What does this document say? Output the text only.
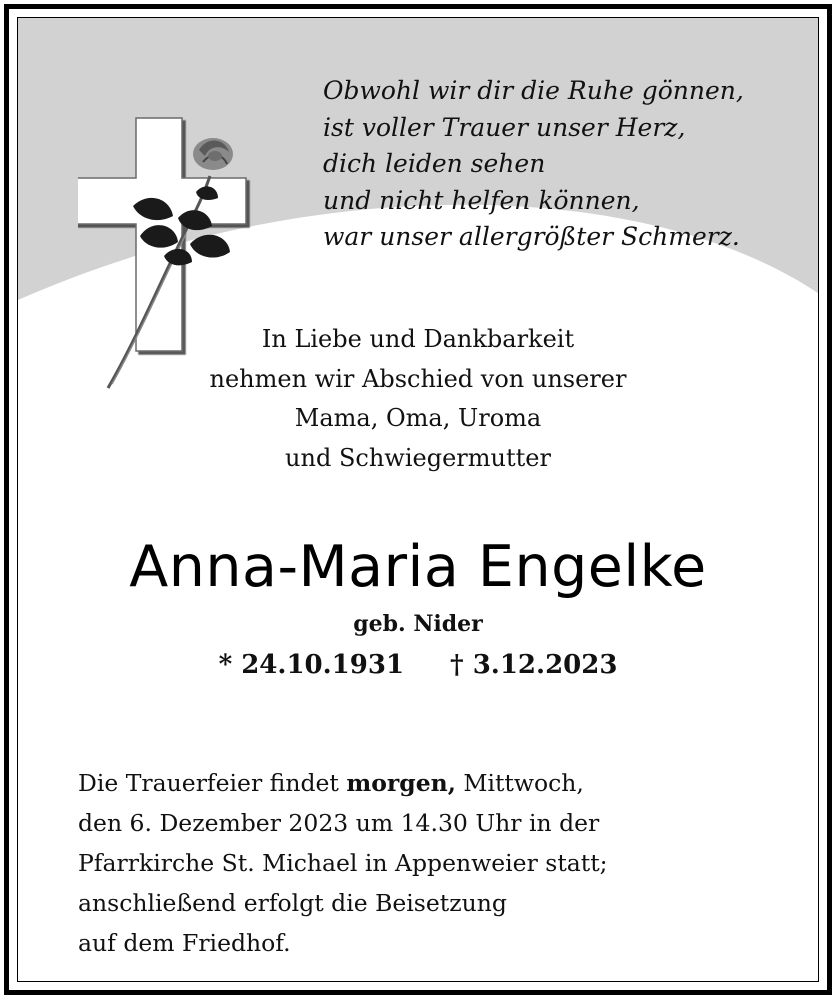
Obwohl wir dir die Ruhe gönnen,
ist voller Trauer unser Herz,
dich leiden sehen
und nicht helfen können,
war unser allergrößter Schmerz.
In Liebe und Dankbarkeit
nehmen wir Abschied von unserer
Mama, Oma, Uroma
und Schwiegermutter
Anna-Maria Engelke
geb. Nider
* 24.10.1931 † 3.12.2023
Die Trauerfeier findet morgen, Mittwoch,
den 6. Dezember 2023 um 14.30 Uhr in der
Pfarrkirche St. Michael in Appenweier statt;
anschließend erfolgt die Beisetzung
auf dem Friedhof.
